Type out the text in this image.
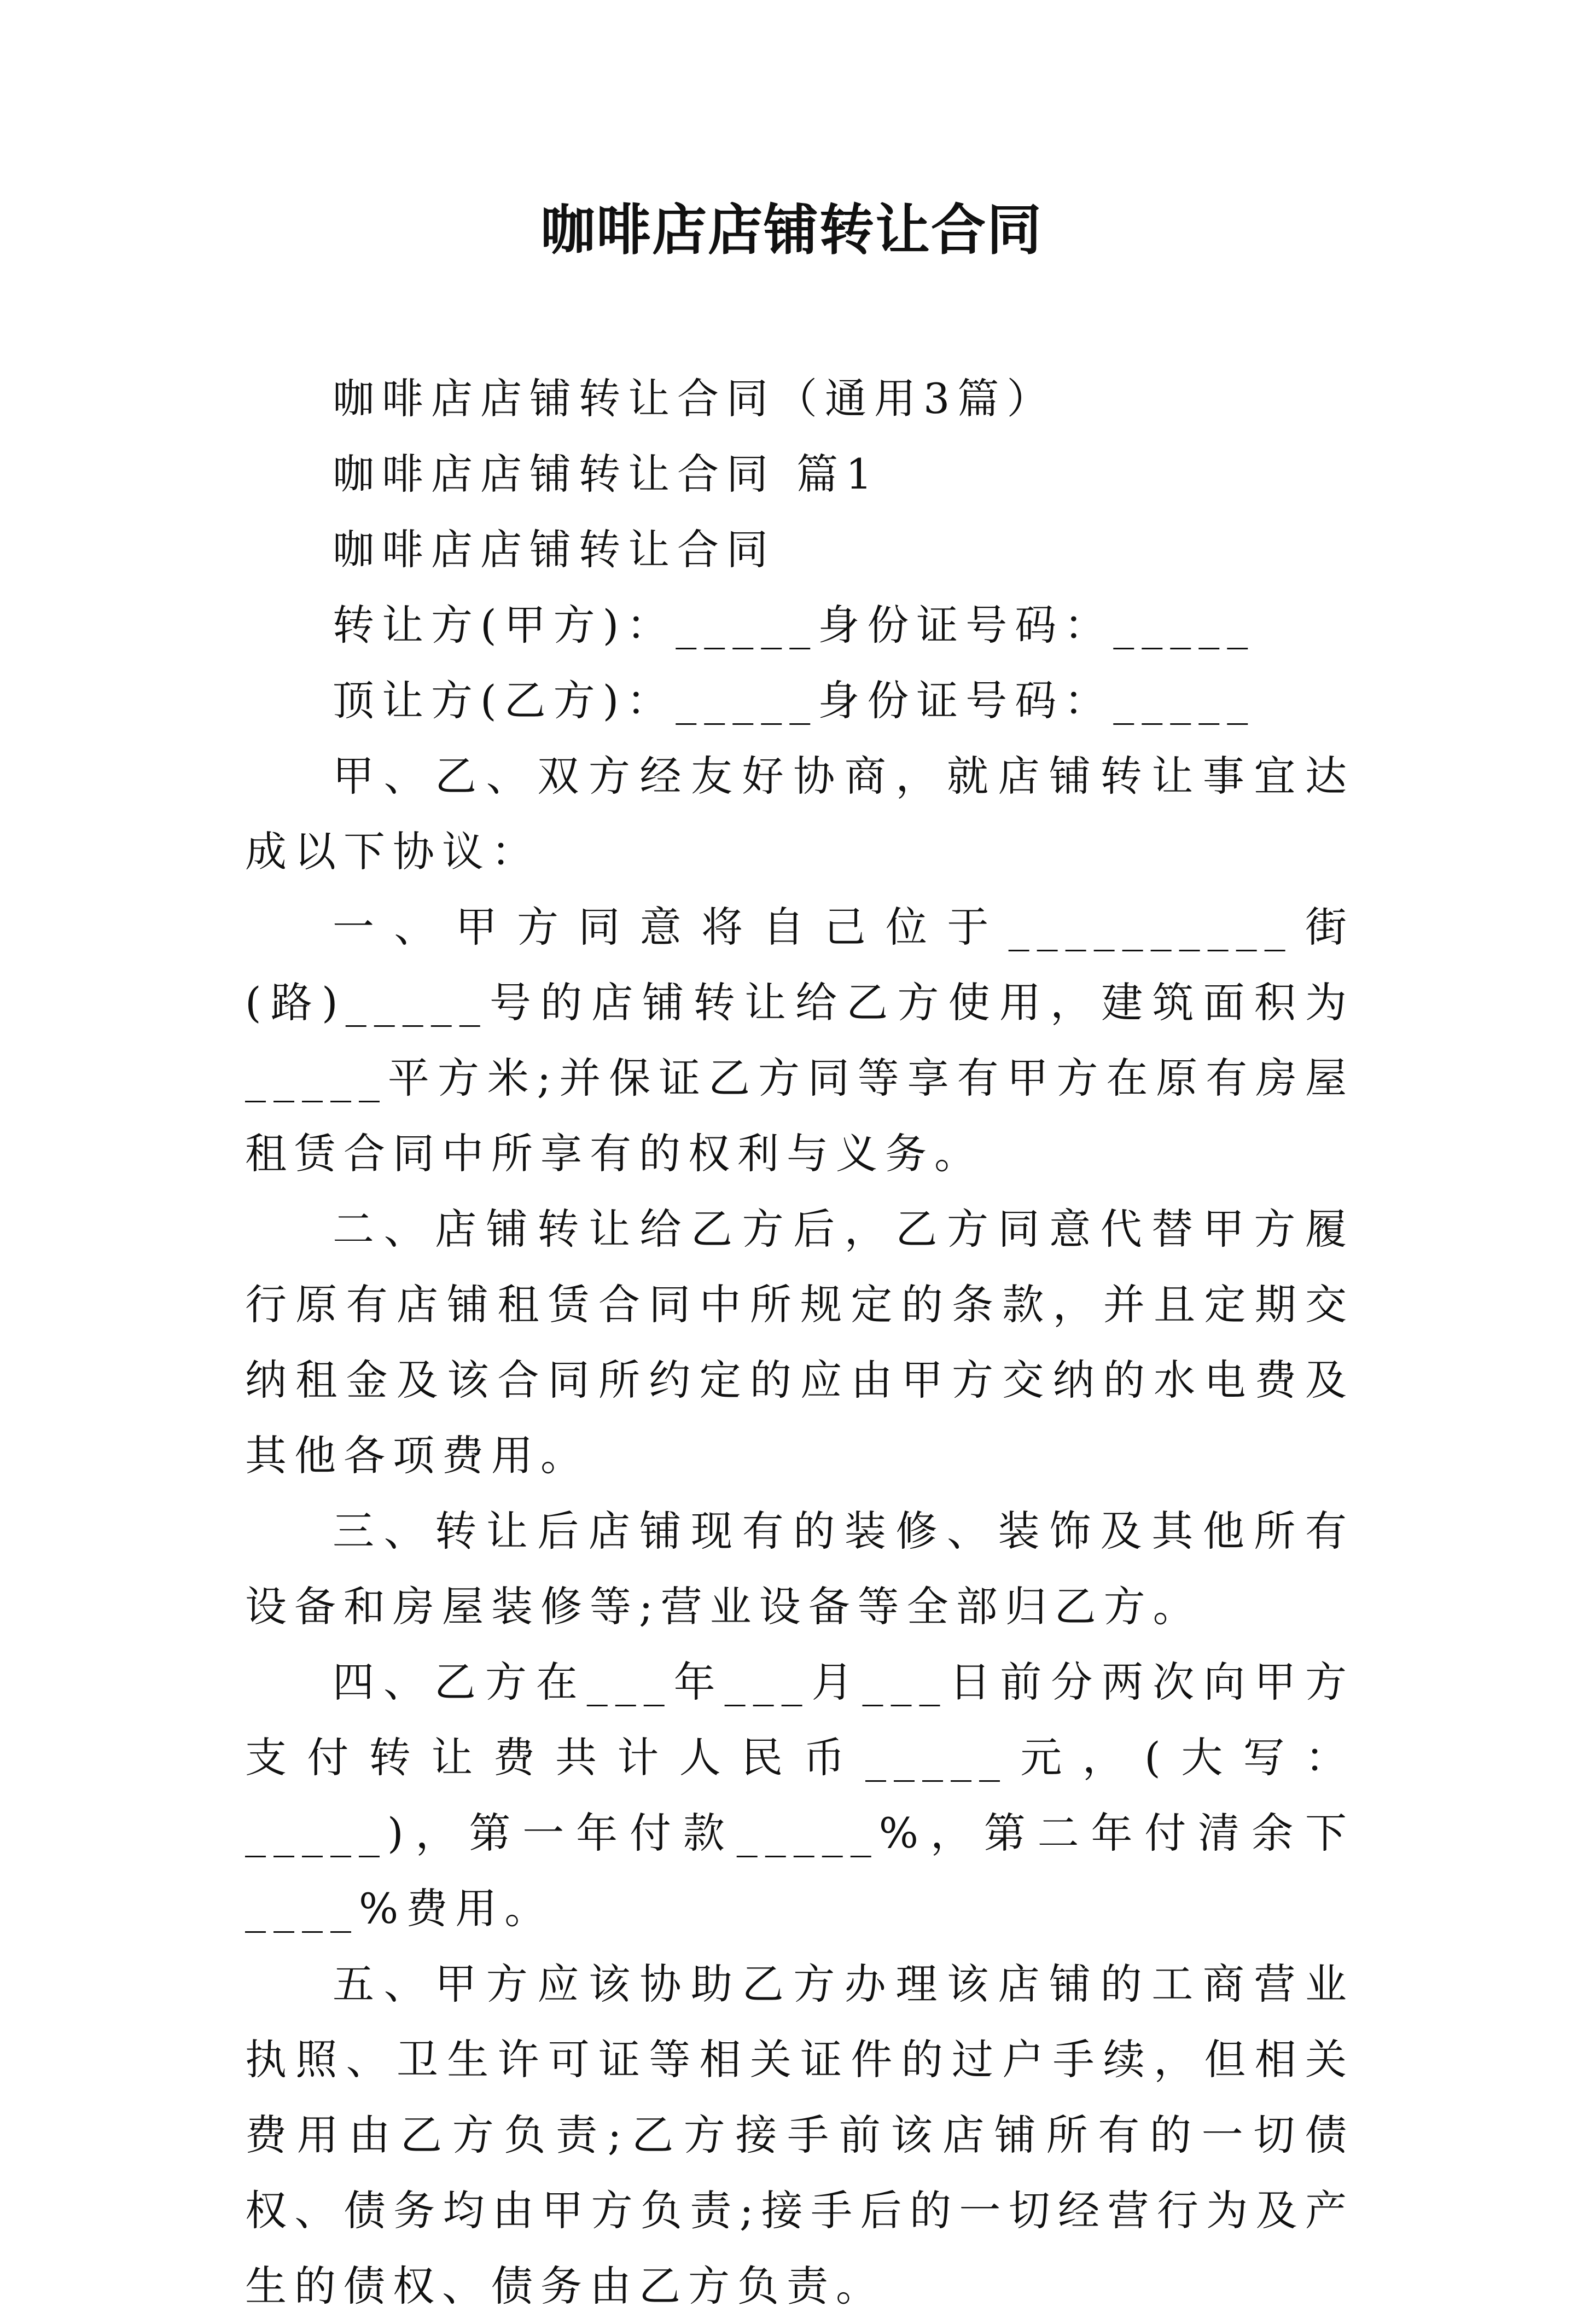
咖啡店店铺转让合同

咖啡店店铺转让合同（通用3篇）

咖啡店店铺转让合同 篇1

咖啡店店铺转让合同

转让方(甲方)：_____身份证号码：_____

顶让方(乙方)：_____身份证号码：_____

甲、乙、双方经友好协商，就店铺转让事宜达成以下协议：

一、甲方同意将自己位于__________街(路)_____号的店铺转让给乙方使用，建筑面积为_____平方米;并保证乙方同等享有甲方在原有房屋租赁合同中所享有的权利与义务。

二、店铺转让给乙方后，乙方同意代替甲方履行原有店铺租赁合同中所规定的条款，并且定期交纳租金及该合同所约定的应由甲方交纳的水电费及其他各项费用。

三、转让后店铺现有的装修、装饰及其他所有设备和房屋装修等;营业设备等全部归乙方。

四、乙方在___年___月___日前分两次向甲方支付转让费共计人民币_____元，(大写：_____)，第一年付款_____%，第二年付清余下____%费用。

五、甲方应该协助乙方办理该店铺的工商营业执照、卫生许可证等相关证件的过户手续，但相关费用由乙方负责;乙方接手前该店铺所有的一切债权、债务均由甲方负责;接手后的一切经营行为及产生的债权、债务由乙方负责。
